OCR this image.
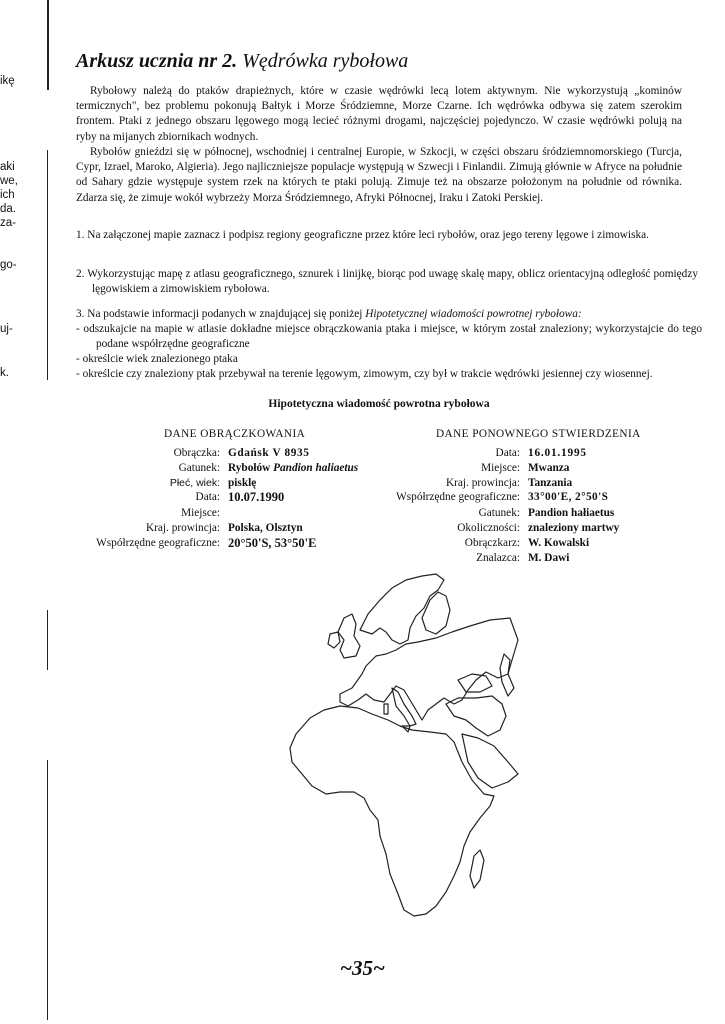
ikę
aki
we,
ich
da.
za-
go-
uj-
k.
Arkusz ucznia nr 2. Wędrówka rybołowa

Rybołowy należą do ptaków drapieżnych, które w czasie wędrówki lecą lotem aktywnym. Nie wykorzystują „kominów termicznych", bez problemu pokonują Bałtyk i Morze Śródziemne, Morze Czarne. Ich wędrówka odbywa się zatem szerokim frontem. Ptaki z jednego obszaru lęgowego mogą lecieć różnymi drogami, najczęściej pojedynczo. W czasie wędrówki polują na ryby na mijanych zbiornikach wodnych.

Rybołów gnieździ się w północnej, wschodniej i centralnej Europie, w Szkocji, w części obszaru śródziemnomorskiego (Turcja, Cypr, Izrael, Maroko, Algieria). Jego najliczniejsze populacje występują w Szwecji i Finlandii. Zimują głównie w Afryce na południe od Sahary gdzie występuje system rzek na których te ptaki polują. Zimuje też na obszarze położonym na południe od równika. Zdarza się, że zimuje wokół wybrzeży Morza Śródziemnego, Afryki Północnej, Iraku i Zatoki Perskiej.

1. Na załączonej mapie zaznacz i podpisz regiony geograficzne przez które leci rybołów, oraz jego tereny lęgowe i zimowiska.

2. Wykorzystując mapę z atlasu geograficznego, sznurek i linijkę, biorąc pod uwagę skalę mapy, oblicz orientacyjną odległość pomiędzy lęgowiskiem a zimowiskiem rybołowa.

3. Na podstawie informacji podanych w znajdującej się poniżej Hipotetycznej wiadomości powrotnej rybołowa:

- odszukajcie na mapie w atlasie dokładne miejsce obrączkowania ptaka i miejsce, w którym został znaleziony; wykorzystajcie do tego podane współrzędne geograficzne

- określcie wiek znalezionego ptaka

- określcie czy znaleziony ptak przebywał na terenie lęgowym, zimowym, czy był w trakcie wędrówki jesiennej czy wiosennej.

Hipotetyczna wiadomość powrotna rybołowa

DANE OBRĄCZKOWANIA	DANE PONOWNEGO STWIERDZENIA
Obrączka: Gdańsk V 8935
Gatunek: Rybołów Pandion haliaetus
Płeć, wiek: pisklę
Data: 10.07.1990
Miejsce:
Kraj. prowincja: Polska, Olsztyn
Współrzędne geograficzne: 20°50'S, 53°50'E
Data: 16.01.1995
Miejsce: Mwanza
Kraj. prowincja: Tanzania
Współrzędne geograficzne: 33°00'E, 2°50'S
Gatunek: Pandion hałiaetus
Okoliczności: znaleziony martwy
Obrączkarz: W. Kowalski
Znalazca: M. Dawi
~35~
